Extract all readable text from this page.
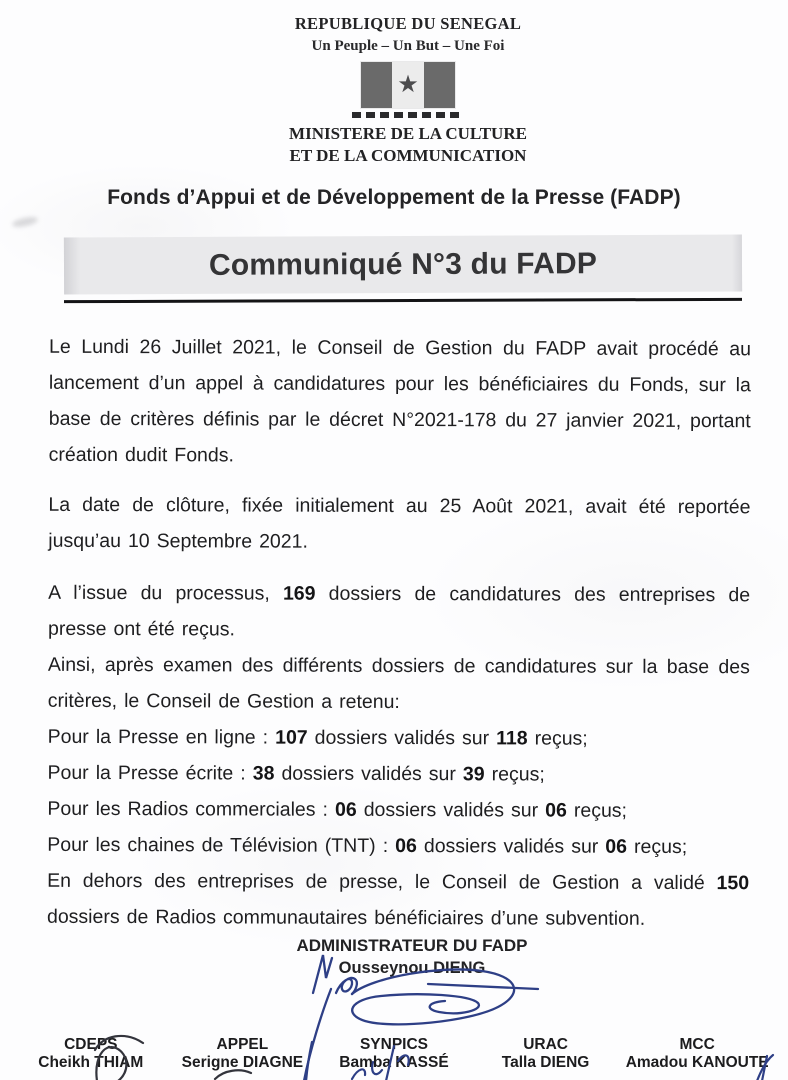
REPUBLIQUE DU SENEGAL
Un Peuple – Un But – Une Foi
★
MINISTERE DE LA CULTURE
ET DE LA COMMUNICATION
Fonds d’Appui et de Développement de la Presse (FADP)
Communiqué N°3 du FADP

Le Lundi 26 Juillet 2021, le Conseil de Gestion du FADP avait procédé au lancement d’un appel à candidatures pour les bénéficiaires du Fonds, sur la base de critères définis par le décret N°2021-178 du 27 janvier 2021, portant création dudit Fonds.

La date de clôture, fixée initialement au 25 Août 2021, avait été reportée jusqu’au 10 Septembre 2021.

A l’issue du processus, 169 dossiers de candidatures des entreprises de presse ont été reçus.

Ainsi, après examen des différents dossiers de candidatures sur la base des critères, le Conseil de Gestion a retenu:

Pour la Presse en ligne : 107 dossiers validés sur 118 reçus;

Pour la Presse écrite : 38 dossiers validés sur 39 reçus;

Pour les Radios commerciales : 06 dossiers validés sur 06 reçus;

Pour les chaines de Télévision (TNT) : 06 dossiers validés sur 06 reçus;

En dehors des entreprises de presse, le Conseil de Gestion a validé 150 dossiers de Radios communautaires bénéficiaires d’une subvention.

ADMINISTRATEUR DU FADP
Ousseynou DIENG
CDEPS
Cheikh THIAM
APPEL
Serigne DIAGNE
SYNPICS
Bamba KASSÉ
URAC
Talla DIENG
MCC
Amadou KANOUTE
